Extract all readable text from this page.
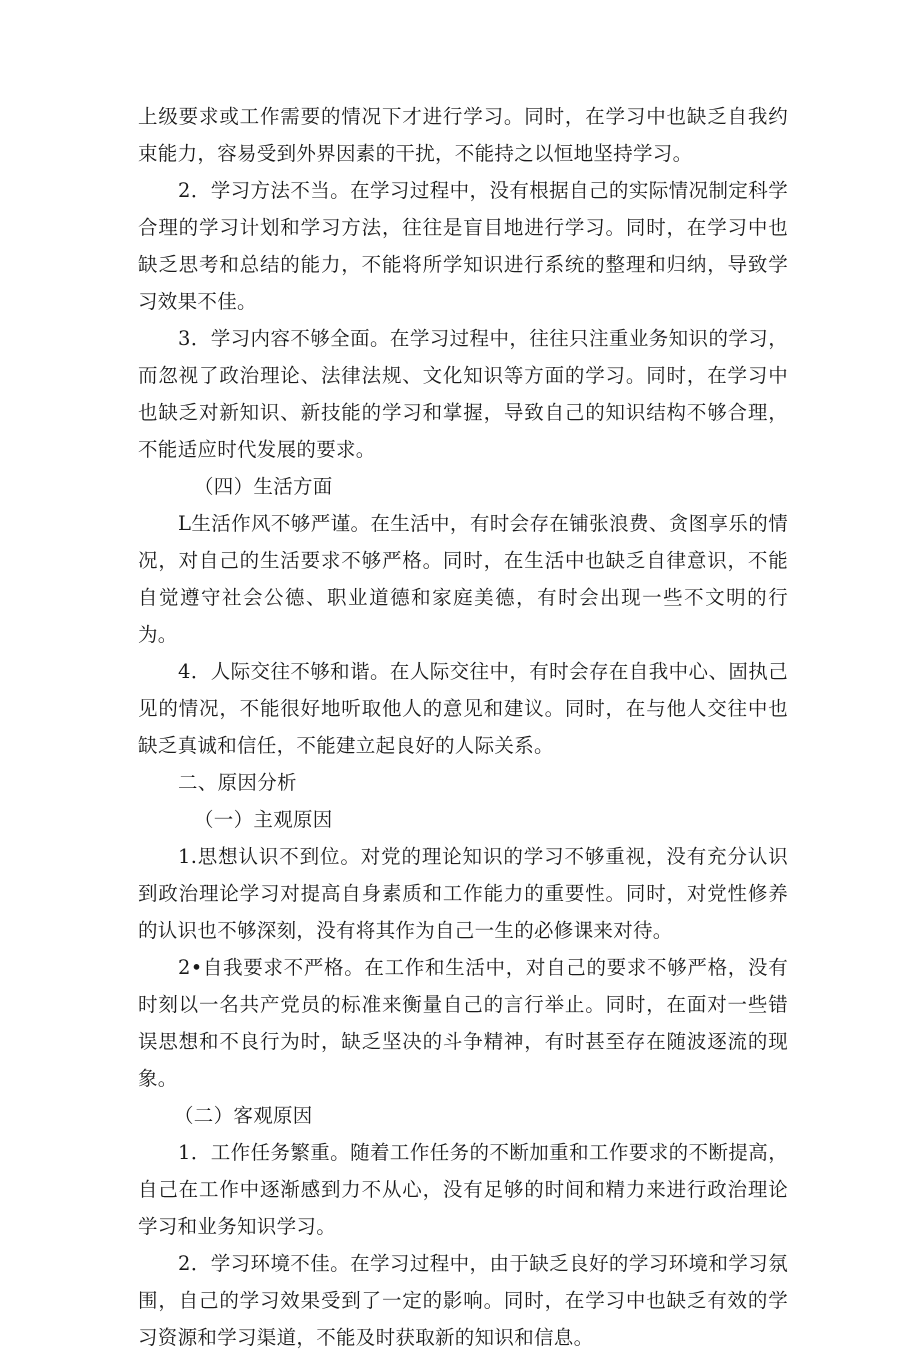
上级要求或工作需要的情况下才进行学习。同时，在学习中也缺乏自我约束能力，容易受到外界因素的干扰，不能持之以恒地坚持学习。

2．学习方法不当。在学习过程中，没有根据自己的实际情况制定科学合理的学习计划和学习方法，往往是盲目地进行学习。同时，在学习中也缺乏思考和总结的能力，不能将所学知识进行系统的整理和归纳，导致学习效果不佳。

3．学习内容不够全面。在学习过程中，往往只注重业务知识的学习，而忽视了政治理论、法律法规、文化知识等方面的学习。同时，在学习中也缺乏对新知识、新技能的学习和掌握，导致自己的知识结构不够合理，不能适应时代发展的要求。

（四）生活方面

L生活作风不够严谨。在生活中，有时会存在铺张浪费、贪图享乐的情况，对自己的生活要求不够严格。同时，在生活中也缺乏自律意识，不能自觉遵守社会公德、职业道德和家庭美德，有时会出现一些不文明的行为。

4．人际交往不够和谐。在人际交往中，有时会存在自我中心、固执己见的情况，不能很好地听取他人的意见和建议。同时，在与他人交往中也缺乏真诚和信任，不能建立起良好的人际关系。

二、原因分析

（一）主观原因

1.思想认识不到位。对党的理论知识的学习不够重视，没有充分认识到政治理论学习对提高自身素质和工作能力的重要性。同时，对党性修养的认识也不够深刻，没有将其作为自己一生的必修课来对待。

2•自我要求不严格。在工作和生活中，对自己的要求不够严格，没有时刻以一名共产党员的标准来衡量自己的言行举止。同时，在面对一些错误思想和不良行为时，缺乏坚决的斗争精神，有时甚至存在随波逐流的现象。

（二）客观原因

1．工作任务繁重。随着工作任务的不断加重和工作要求的不断提高，自己在工作中逐渐感到力不从心，没有足够的时间和精力来进行政治理论学习和业务知识学习。

2．学习环境不佳。在学习过程中，由于缺乏良好的学习环境和学习氛围，自己的学习效果受到了一定的影响。同时，在学习中也缺乏有效的学习资源和学习渠道，不能及时获取新的知识和信息。
